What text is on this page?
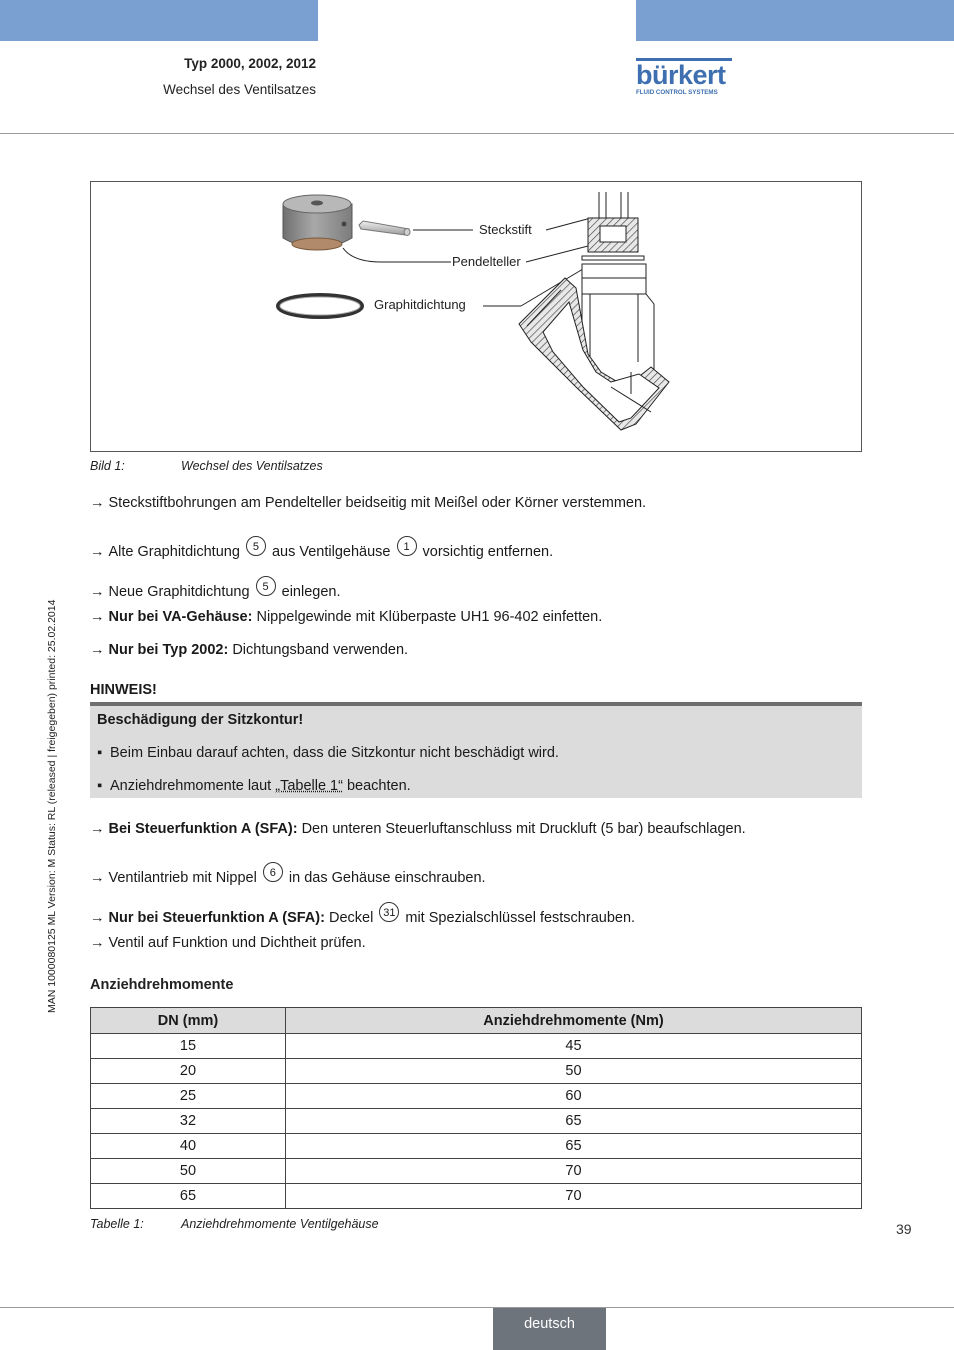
Typ 2000, 2002, 2012
Wechsel des Ventilsatzes	bürkert
FLUID CONTROL SYSTEMS
Steckstift
Pendelteller
Graphitdichtung
Bild 1:	Wechsel des Ventilsatzes
MAN 1000080125 ML Version: M Status: RL (released | freigegeben) printed: 25.02.2014
→ Steckstiftbohrungen am Pendelteller beidseitig mit Meißel oder Körner verstemmen.
→ Alte Graphitdichtung 5 aus Ventilgehäuse 1 vorsichtig entfernen.
→ Neue Graphitdichtung 5 einlegen.
→ Nur bei VA-Gehäuse: Nippelgewinde mit Klüberpaste UH1 96-402 einfetten.
→ Nur bei Typ 2002: Dichtungsband verwenden.
HINWEIS!
Beschädigung der Sitzkontur!
▪ Beim Einbau darauf achten, dass die Sitzkontur nicht beschädigt wird.
▪ Anziehdrehmomente laut „Tabelle 1“ beachten.
→ Bei Steuerfunktion A (SFA): Den unteren Steuerluftanschluss mit Druckluft (5 bar) beaufschlagen.
→ Ventilantrieb mit Nippel 6 in das Gehäuse einschrauben.
→ Nur bei Steuerfunktion A (SFA): Deckel 31 mit Spezialschlüssel festschrauben.
→ Ventil auf Funktion und Dichtheit prüfen.
Anziehdrehmomente
DN (mm)	Anziehdrehmomente (Nm)
15	45
20	50
25	60
32	65
40	65
50	70
65	70
Tabelle 1:	Anziehdrehmomente Ventilgehäuse	39
deutsch
